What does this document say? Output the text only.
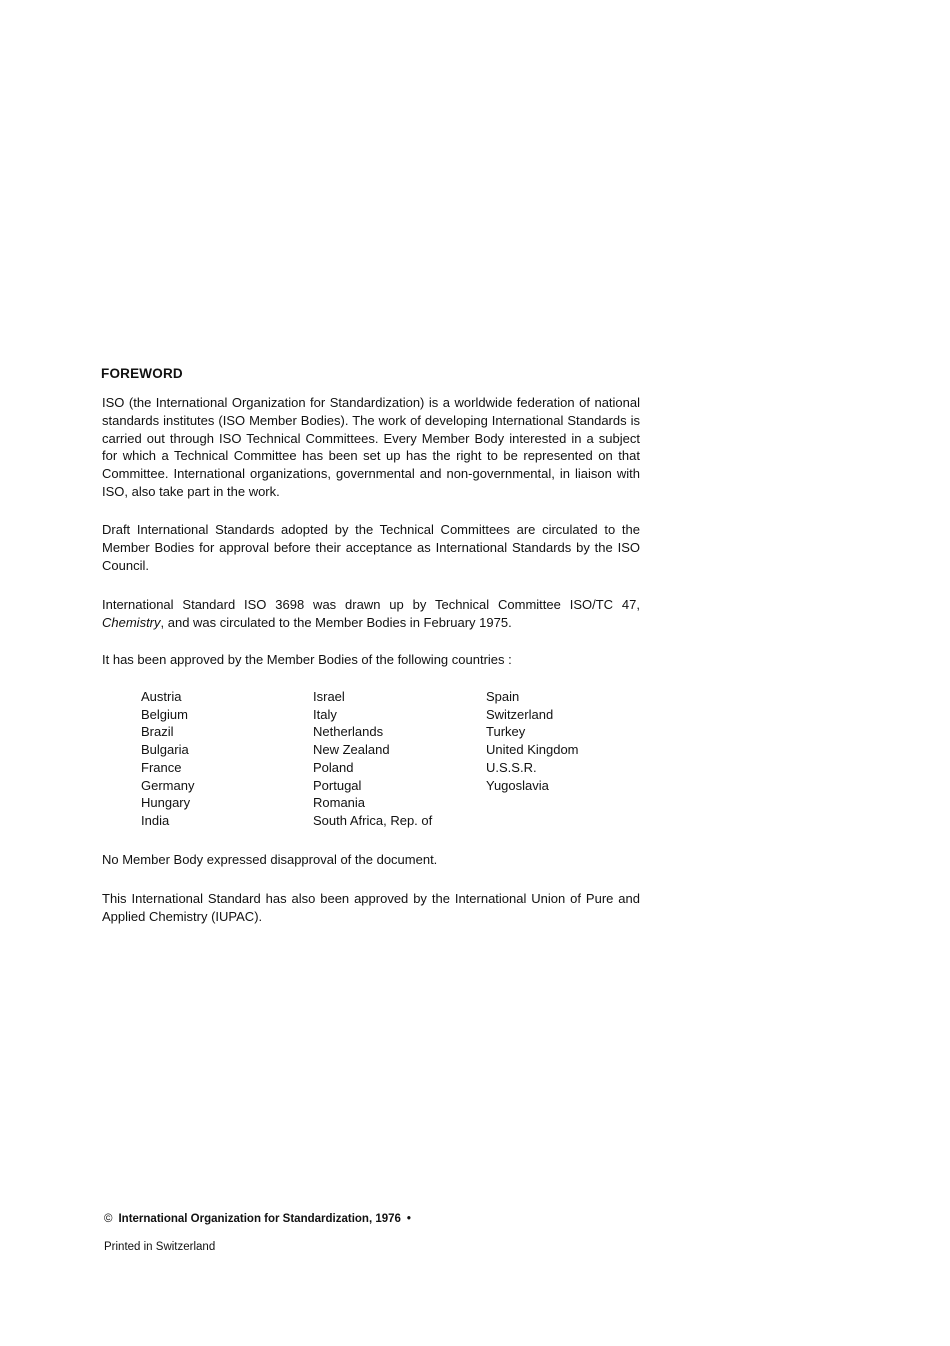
FOREWORD
ISO (the International Organization for Standardization) is a worldwide federation of national standards institutes (ISO Member Bodies). The work of developing International Standards is carried out through ISO Technical Committees. Every Member Body interested in a subject for which a Technical Committee has been set up has the right to be represented on that Committee. International organizations, governmental and non-governmental, in liaison with ISO, also take part in the work.
Draft International Standards adopted by the Technical Committees are circulated to the Member Bodies for approval before their acceptance as International Standards by the ISO Council.
International Standard ISO 3698 was drawn up by Technical Committee ISO/TC 47, Chemistry, and was circulated to the Member Bodies in February 1975.
It has been approved by the Member Bodies of the following countries :
Austria
Belgium
Brazil
Bulgaria
France
Germany
Hungary
India
Israel
Italy
Netherlands
New Zealand
Poland
Portugal
Romania
South Africa, Rep. of
Spain
Switzerland
Turkey
United Kingdom
U.S.S.R.
Yugoslavia
No Member Body expressed disapproval of the document.
This International Standard has also been approved by the International Union of Pure and Applied Chemistry (IUPAC).
© International Organization for Standardization, 1976 •
Printed in Switzerland
